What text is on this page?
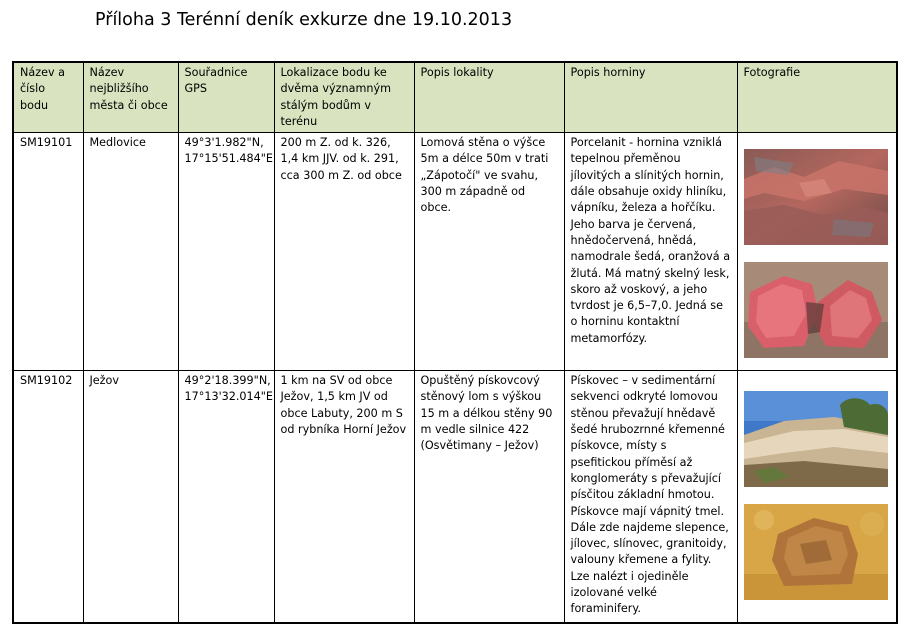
Příloha 3 Terénní deník exkurze dne 19.10.2013
Název a číslo bodu	Název nejbližšího města či obce	Souřadnice GPS	Lokalizace bodu ke dvěma významným stálým bodům v terénu	Popis lokality	Popis horniny	Fotografie
SM19101	Medlovice	49°3'1.982"N, 17°15'51.484"E	200 m Z. od k. 326, 1,4 km JJV. od k. 291, cca 300 m Z. od obce	Lomová stěna o výšce 5m a délce 50m v trati „Zápotočí" ve svahu, 300 m západně od obce.	Porcelanit - hornina vzniklá tepelnou přeměnou jílovitých a slínitých hornin, dále obsahuje oxidy hliníku, vápníku, železa a hořčíku. Jeho barva je červená, hnědočervená, hnědá, namodrale šedá, oranžová a žlutá. Má matný skelný lesk, skoro až voskový, a jeho tvrdost je 6,5–7,0. Jedná se o horninu kontaktní metamorfózy.	

SM19102	Ježov	49°2'18.399"N, 17°13'32.014"E	1 km na SV od obce Ježov, 1,5 km JV od obce Labuty, 200 m S od rybníka Horní Ježov	Opuštěný pískovcový stěnový lom s výškou 15 m a délkou stěny 90 m vedle silnice 422 (Osvětimany – Ježov)	Pískovec – v sedimentární sekvenci odkryté lomovou stěnou převažují hnědavě šedé hrubozrnné křemenné pískovce, místy s psefitickou příměsí až konglomeráty s převažující písčitou základní hmotou. Pískovce mají vápnitý tmel. Dále zde najdeme slepence, jílovec, slínovec, granitoidy, valouny křemene a fylity. Lze nalézt i ojediněle izolované velké foraminifery.	
